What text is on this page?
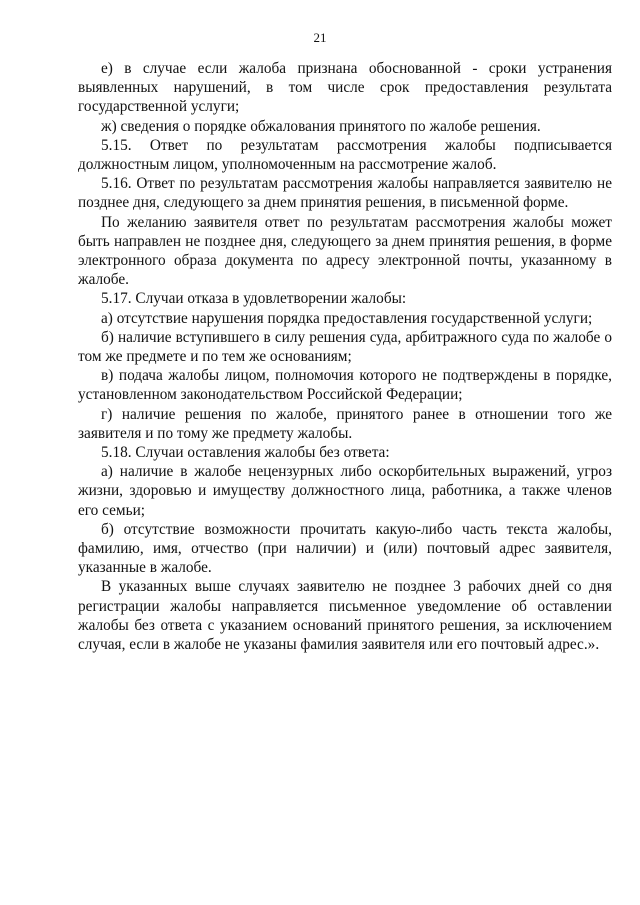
21

е) в случае если жалоба признана обоснованной - сроки устранения выявленных нарушений, в том числе срок предоставления результата государственной услуги;

ж) сведения о порядке обжалования принятого по жалобе решения.

5.15. Ответ по результатам рассмотрения жалобы подписывается должностным лицом, уполномоченным на рассмотрение жалоб.

5.16. Ответ по результатам рассмотрения жалобы направляется заявителю не позднее дня, следующего за днем принятия решения, в письменной форме.

По желанию заявителя ответ по результатам рассмотрения жалобы может быть направлен не позднее дня, следующего за днем принятия решения, в форме электронного образа документа по адресу электронной почты, указанному в жалобе.

5.17. Случаи отказа в удовлетворении жалобы:

а) отсутствие нарушения порядка предоставления государственной услуги;

б) наличие вступившего в силу решения суда, арбитражного суда по жалобе о том же предмете и по тем же основаниям;

в) подача жалобы лицом, полномочия которого не подтверждены в порядке, установленном законодательством Российской Федерации;

г) наличие решения по жалобе, принятого ранее в отношении того же заявителя и по тому же предмету жалобы.

5.18. Случаи оставления жалобы без ответа:

а) наличие в жалобе нецензурных либо оскорбительных выражений, угроз жизни, здоровью и имуществу должностного лица, работника, а также членов его семьи;

б) отсутствие возможности прочитать какую-либо часть текста жалобы, фамилию, имя, отчество (при наличии) и (или) почтовый адрес заявителя, указанные в жалобе.

В указанных выше случаях заявителю не позднее 3 рабочих дней со дня регистрации жалобы направляется письменное уведомление об оставлении жалобы без ответа с указанием оснований принятого решения, за исключением случая, если в жалобе не указаны фамилия заявителя или его почтовый адрес.».
